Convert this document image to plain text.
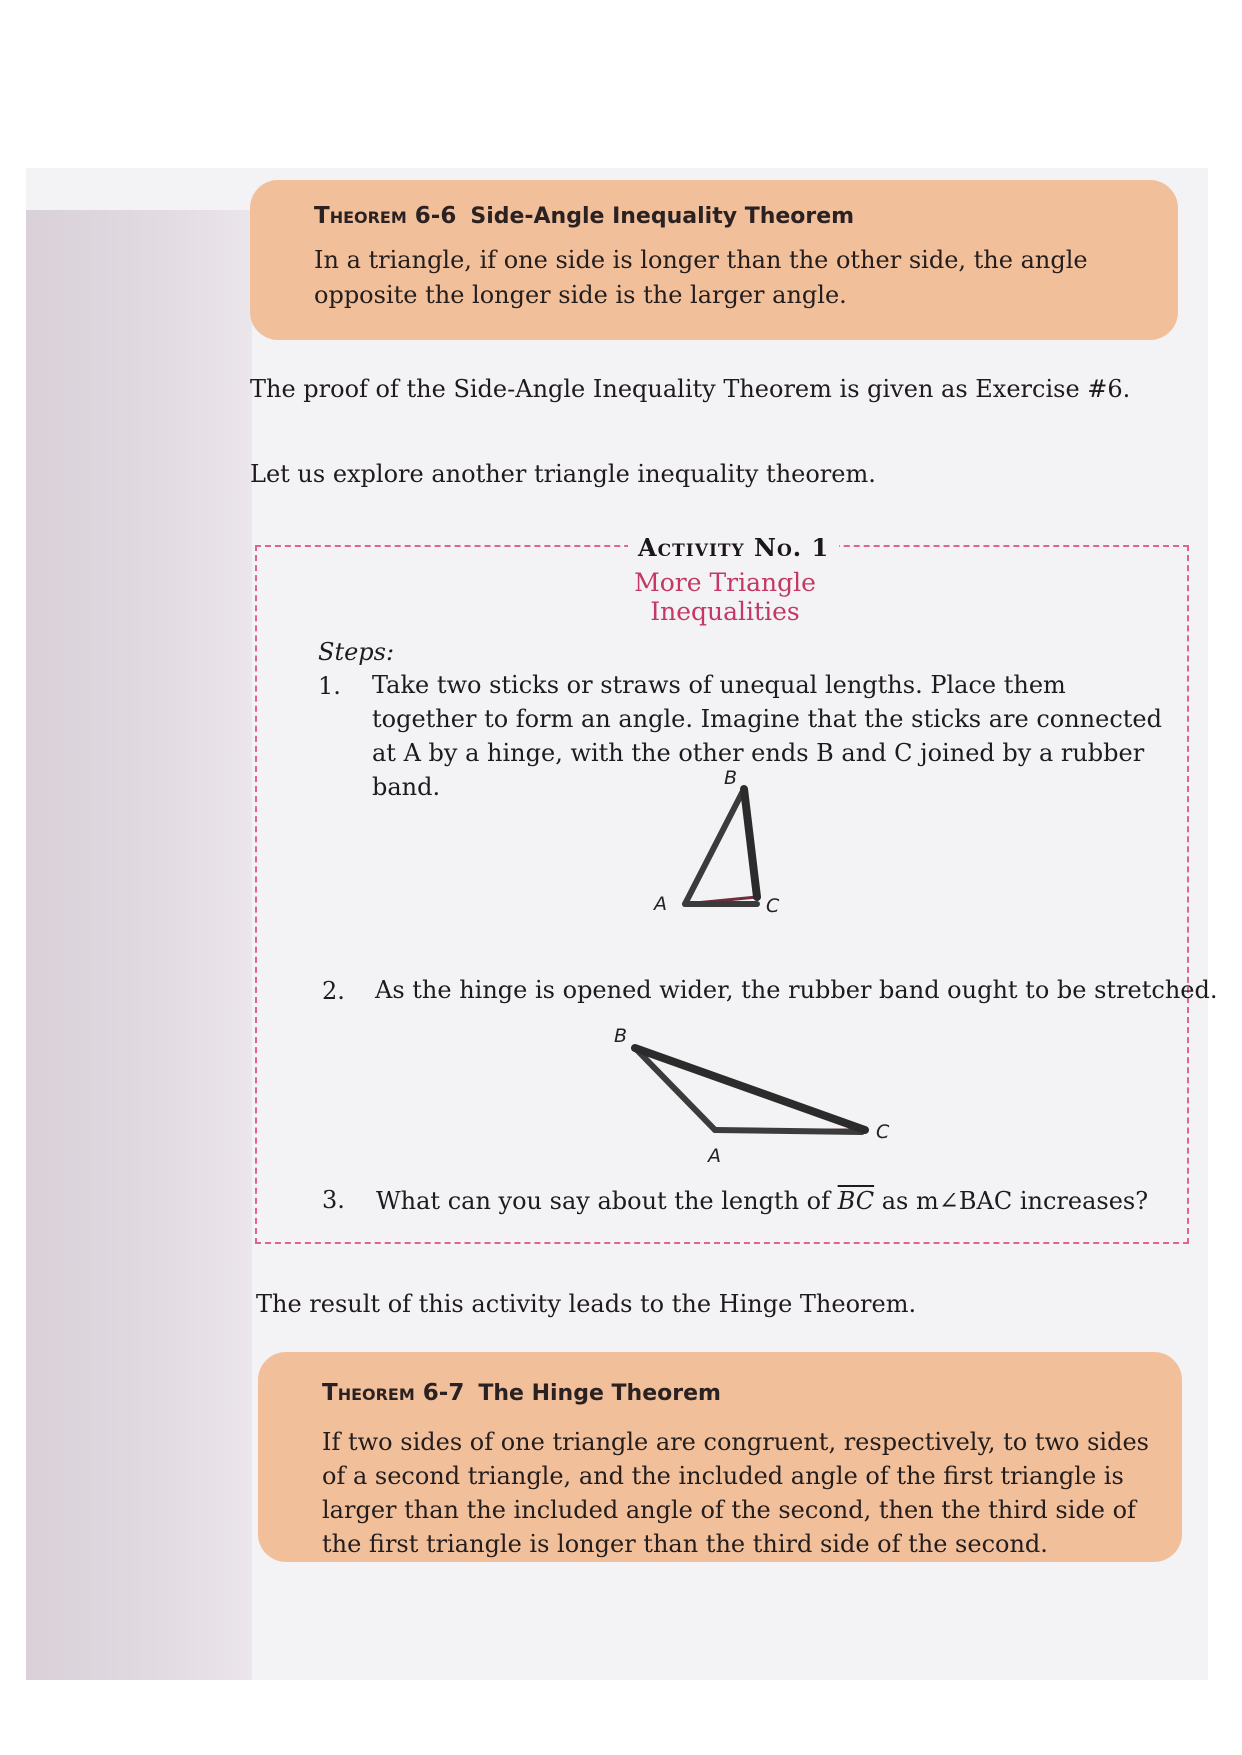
Theorem 6-6 Side-Angle Inequality Theorem
In a triangle, if one side is longer than the other side, the angle opposite the longer side is the larger angle.
The proof of the Side-Angle Inequality Theorem is given as Exercise #6.
Let us explore another triangle inequality theorem.
Activity No. 1
More Triangle Inequalities
Steps:
1. Take two sticks or straws of unequal lengths. Place them together to form an angle. Imagine that the sticks are connected at A by a hinge, with the other ends B and C joined by a rubber band.	B
A	C
2. As the hinge is opened wider, the rubber band ought to be stretched.
B
A
C
3. What can you say about the length of $\overline{BC}$ as m∠BAC increases?
The result of this activity leads to the Hinge Theorem.
Theorem 6-7 The Hinge Theorem
If two sides of one triangle are congruent, respectively, to two sides of a second triangle, and the included angle of the first triangle is larger than the included angle of the second, then the third side of the first triangle is longer than the third side of the second.
